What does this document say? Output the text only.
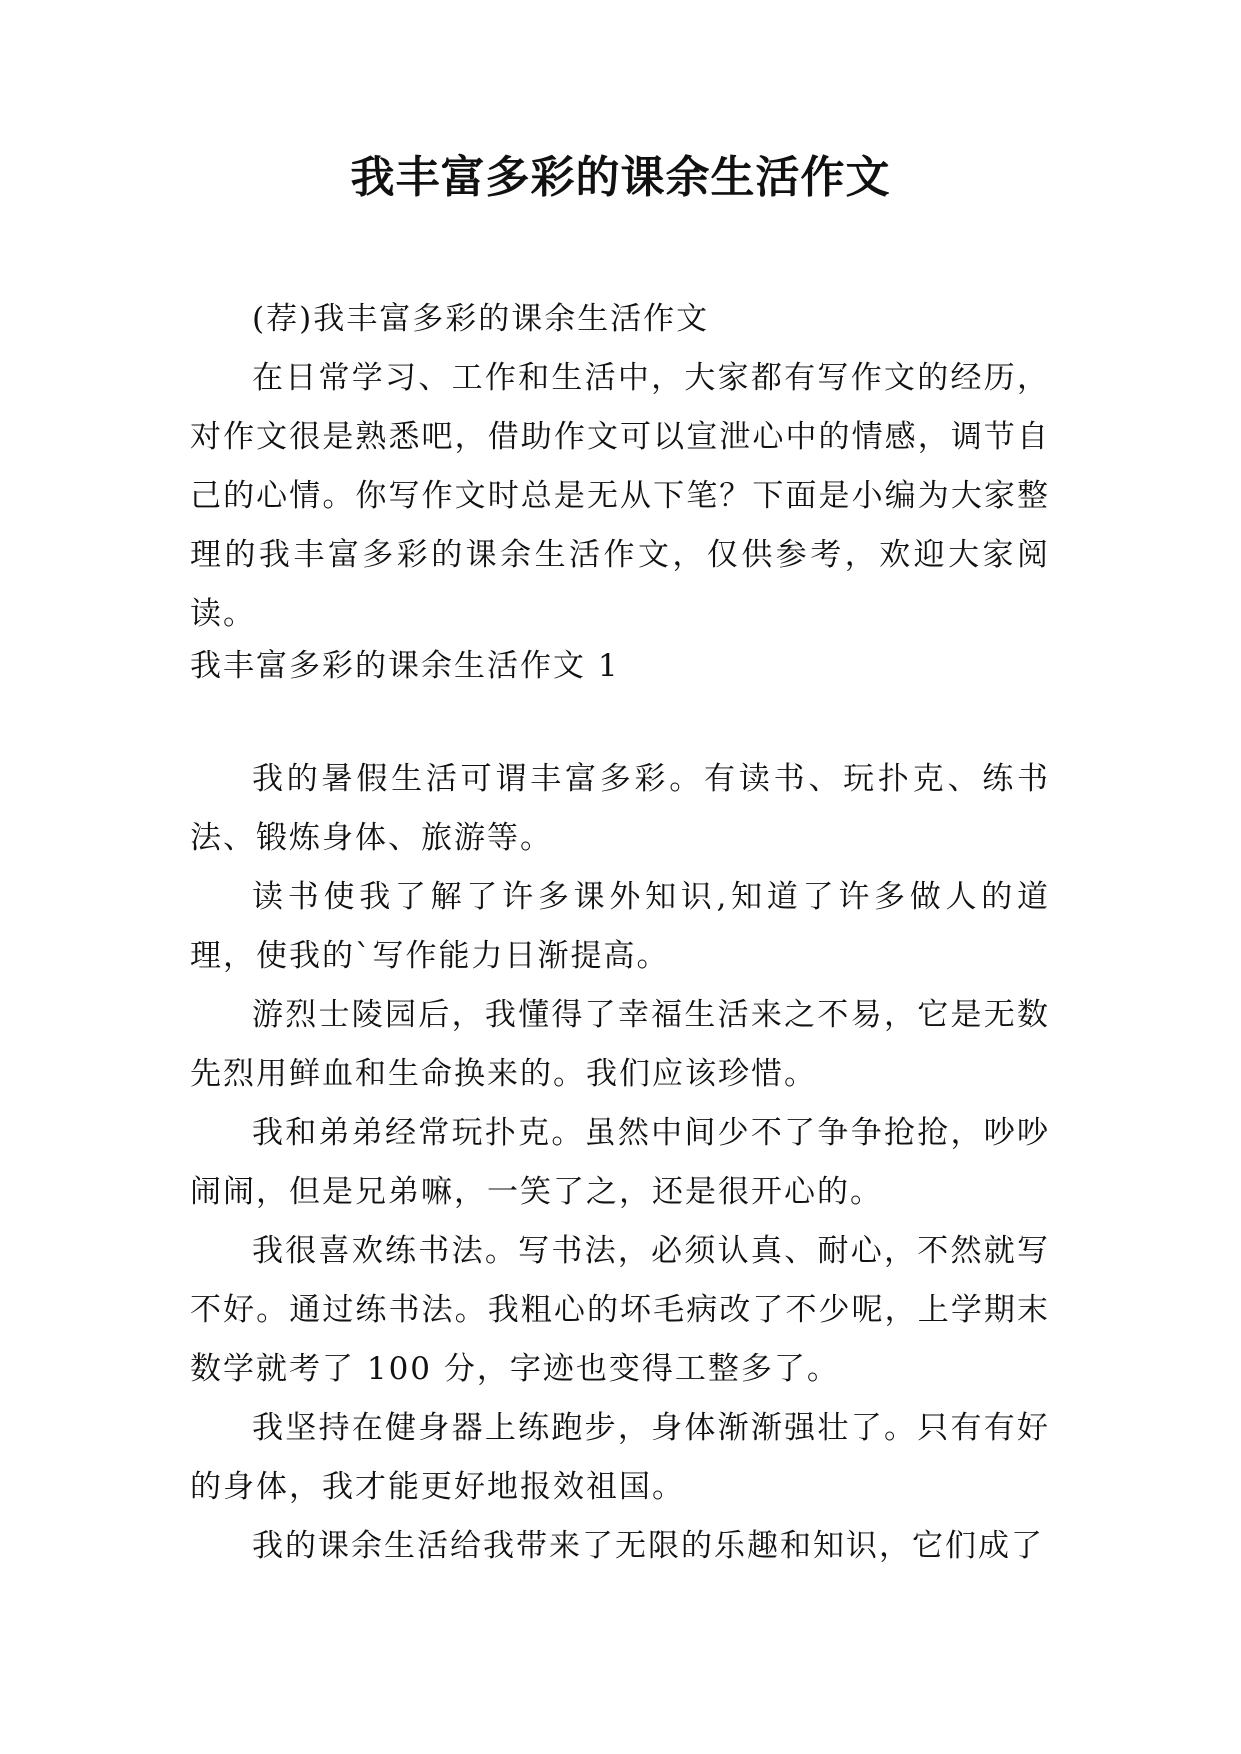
我丰富多彩的课余生活作文

(荐)我丰富多彩的课余生活作文

在日常学习、工作和生活中，大家都有写作文的经历，对作文很是熟悉吧，借助作文可以宣泄心中的情感，调节自己的心情。你写作文时总是无从下笔？下面是小编为大家整理的我丰富多彩的课余生活作文，仅供参考，欢迎大家阅读。

我丰富多彩的课余生活作文 1

我的暑假生活可谓丰富多彩。有读书、玩扑克、练书法、锻炼身体、旅游等。

读书使我了解了许多课外知识,知道了许多做人的道理，使我的`写作能力日渐提高。

游烈士陵园后，我懂得了幸福生活来之不易，它是无数先烈用鲜血和生命换来的。我们应该珍惜。

我和弟弟经常玩扑克。虽然中间少不了争争抢抢，吵吵闹闹，但是兄弟嘛，一笑了之，还是很开心的。

我很喜欢练书法。写书法，必须认真、耐心，不然就写不好。通过练书法。我粗心的坏毛病改了不少呢，上学期末数学就考了 100 分，字迹也变得工整多了。

我坚持在健身器上练跑步，身体渐渐强壮了。只有有好的身体，我才能更好地报效祖国。

我的课余生活给我带来了无限的乐趣和知识，它们成了
